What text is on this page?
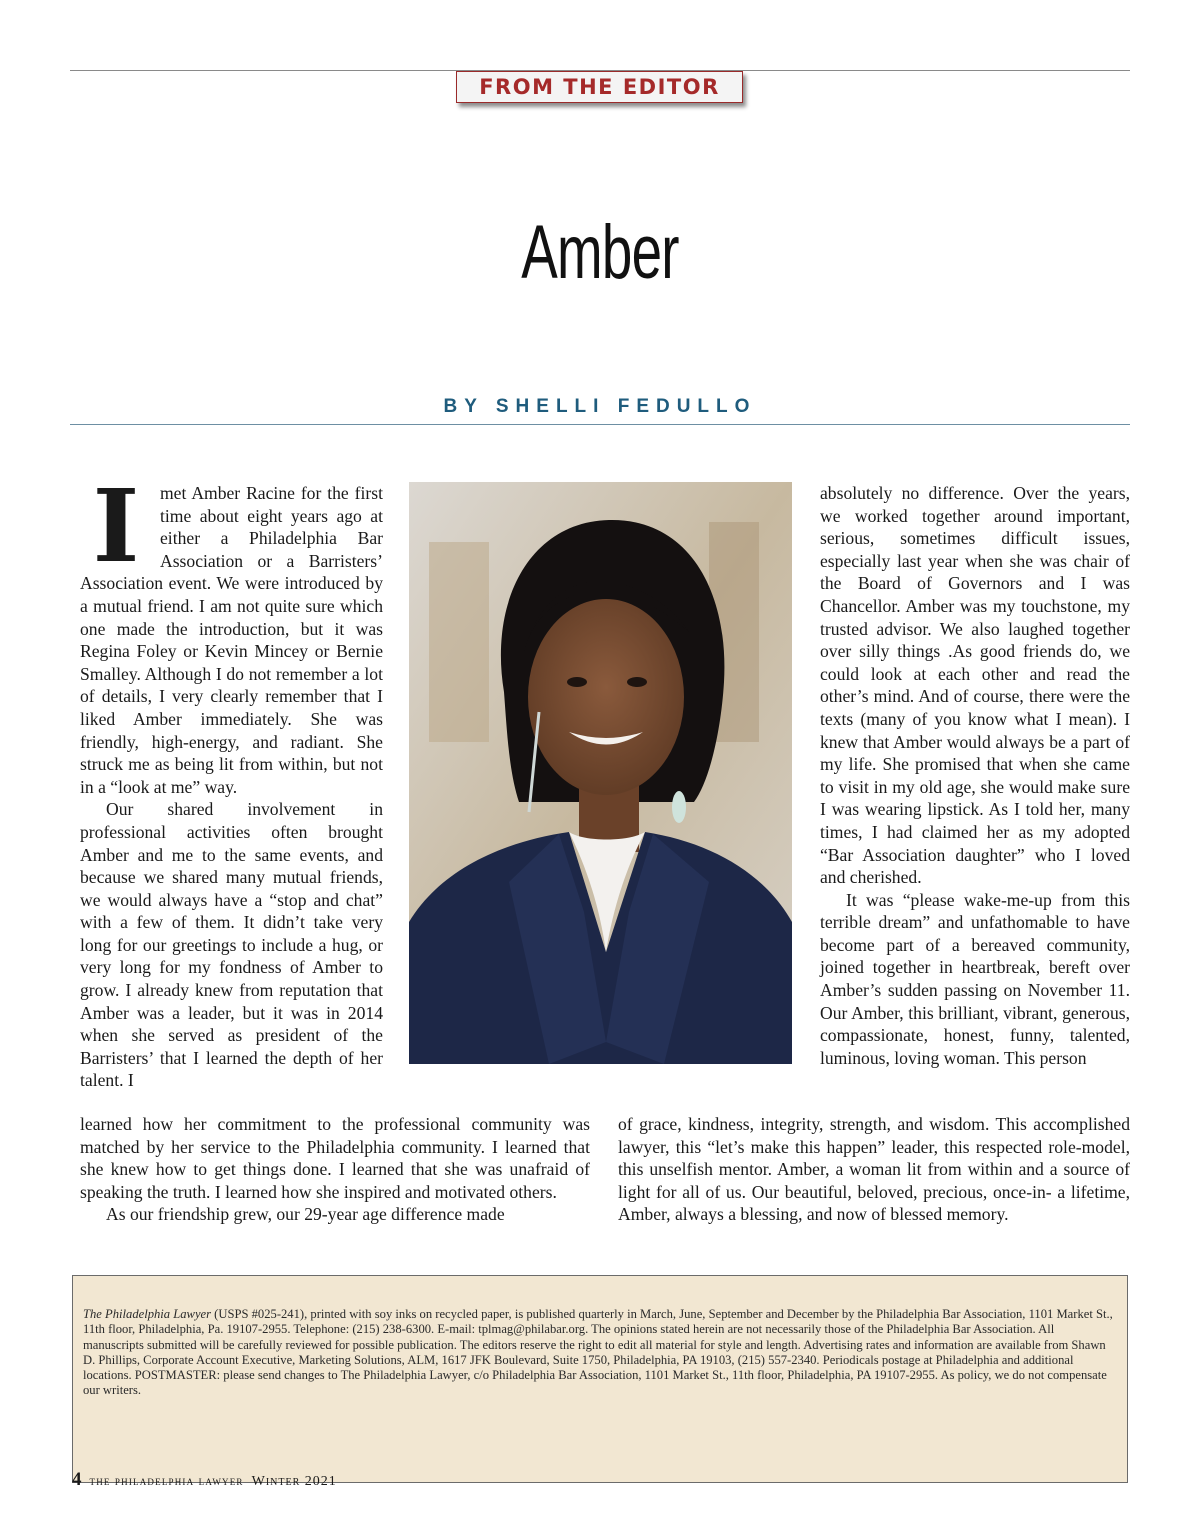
FROM THE EDITOR
Amber
BY SHELLI FEDULLO

I	met Amber Racine for the first time about eight years ago at either a Philadelphia Bar Association or a Barristers’ Association event. We were introduced by a mutual friend. I am not quite sure which one made the introduction, but it was Regina Foley or Kevin Mincey or Bernie Smalley. Although I do not remember a lot of details, I very clearly remember that I liked Amber immediately. She was friendly, high-energy, and radiant. She struck me as being lit from within, but not in a “look at me” way.

Our shared involvement in professional activities often brought Amber and me to the same events, and because we shared many mutual friends, we would always have a “stop and chat” with a few of them. It didn’t take very long for our greetings to include a hug, or very long for my fondness of Amber to grow. I already knew from reputation that Amber was a leader, but it was in 2014 when she served as president of the Barristers’ that I learned the depth of her talent. I

learned how her commitment to the professional community was matched by her service to the Philadelphia community. I learned that she knew how to get things done. I learned that she was unafraid of speaking the truth. I learned how she inspired and motivated others.

As our friendship grew, our 29-year age difference made

absolutely no difference. Over the years, we worked together around important, serious, sometimes difficult issues, especially last year when she was chair of the Board of Governors and I was Chancellor. Amber was my touchstone, my trusted advisor. We also laughed together over silly things .As good friends do, we could look at each other and read the other’s mind. And of course, there were the texts (many of you know what I mean). I knew that Amber would always be a part of my life. She promised that when she came to visit in my old age, she would make sure I was wearing lipstick. As I told her, many times, I had claimed her as my adopted “Bar Association daughter” who I loved and cherished.

It was “please wake-me-up from this terrible dream” and unfathomable to have become part of a bereaved community, joined together in heartbreak, bereft over Amber’s sudden passing on November 11. Our Amber, this brilliant, vibrant, generous, compassionate, honest, funny, talented, luminous, loving woman. This person

of grace, kindness, integrity, strength, and wisdom. This accomplished lawyer, this “let’s make this happen” leader, this respected role-model, this unselfish mentor. Amber, a woman lit from within and a source of light for all of us. Our beautiful, beloved, precious, once-in- a lifetime, Amber, always a blessing, and now of blessed memory.

The Philadelphia Lawyer (USPS #025-241), printed with soy inks on recycled paper, is published quarterly in March, June, September and December by the Philadelphia Bar Association, 1101 Market St., 11th floor, Philadelphia, Pa. 19107-2955. Telephone: (215) 238-6300. E-mail: tplmag@philabar.org. The opinions stated herein are not necessarily those of the Philadelphia Bar Association. All manuscripts submitted will be carefully reviewed for possible publication. The editors reserve the right to edit all material for style and length. Advertising rates and information are available from Shawn D. Phillips, Corporate Account Executive, Marketing Solutions, ALM, 1617 JFK Boulevard, Suite 1750, Philadelphia, PA 19103, (215) 557-2340. Periodicals postage at Philadelphia and additional locations. POSTMASTER: please send changes to The Philadelphia Lawyer, c/o Philadelphia Bar Association, 1101 Market St., 11th floor, Philadelphia, PA 19107-2955. As policy, we do not compensate our writers.
4 the philadelphia lawyer Winter 2021
